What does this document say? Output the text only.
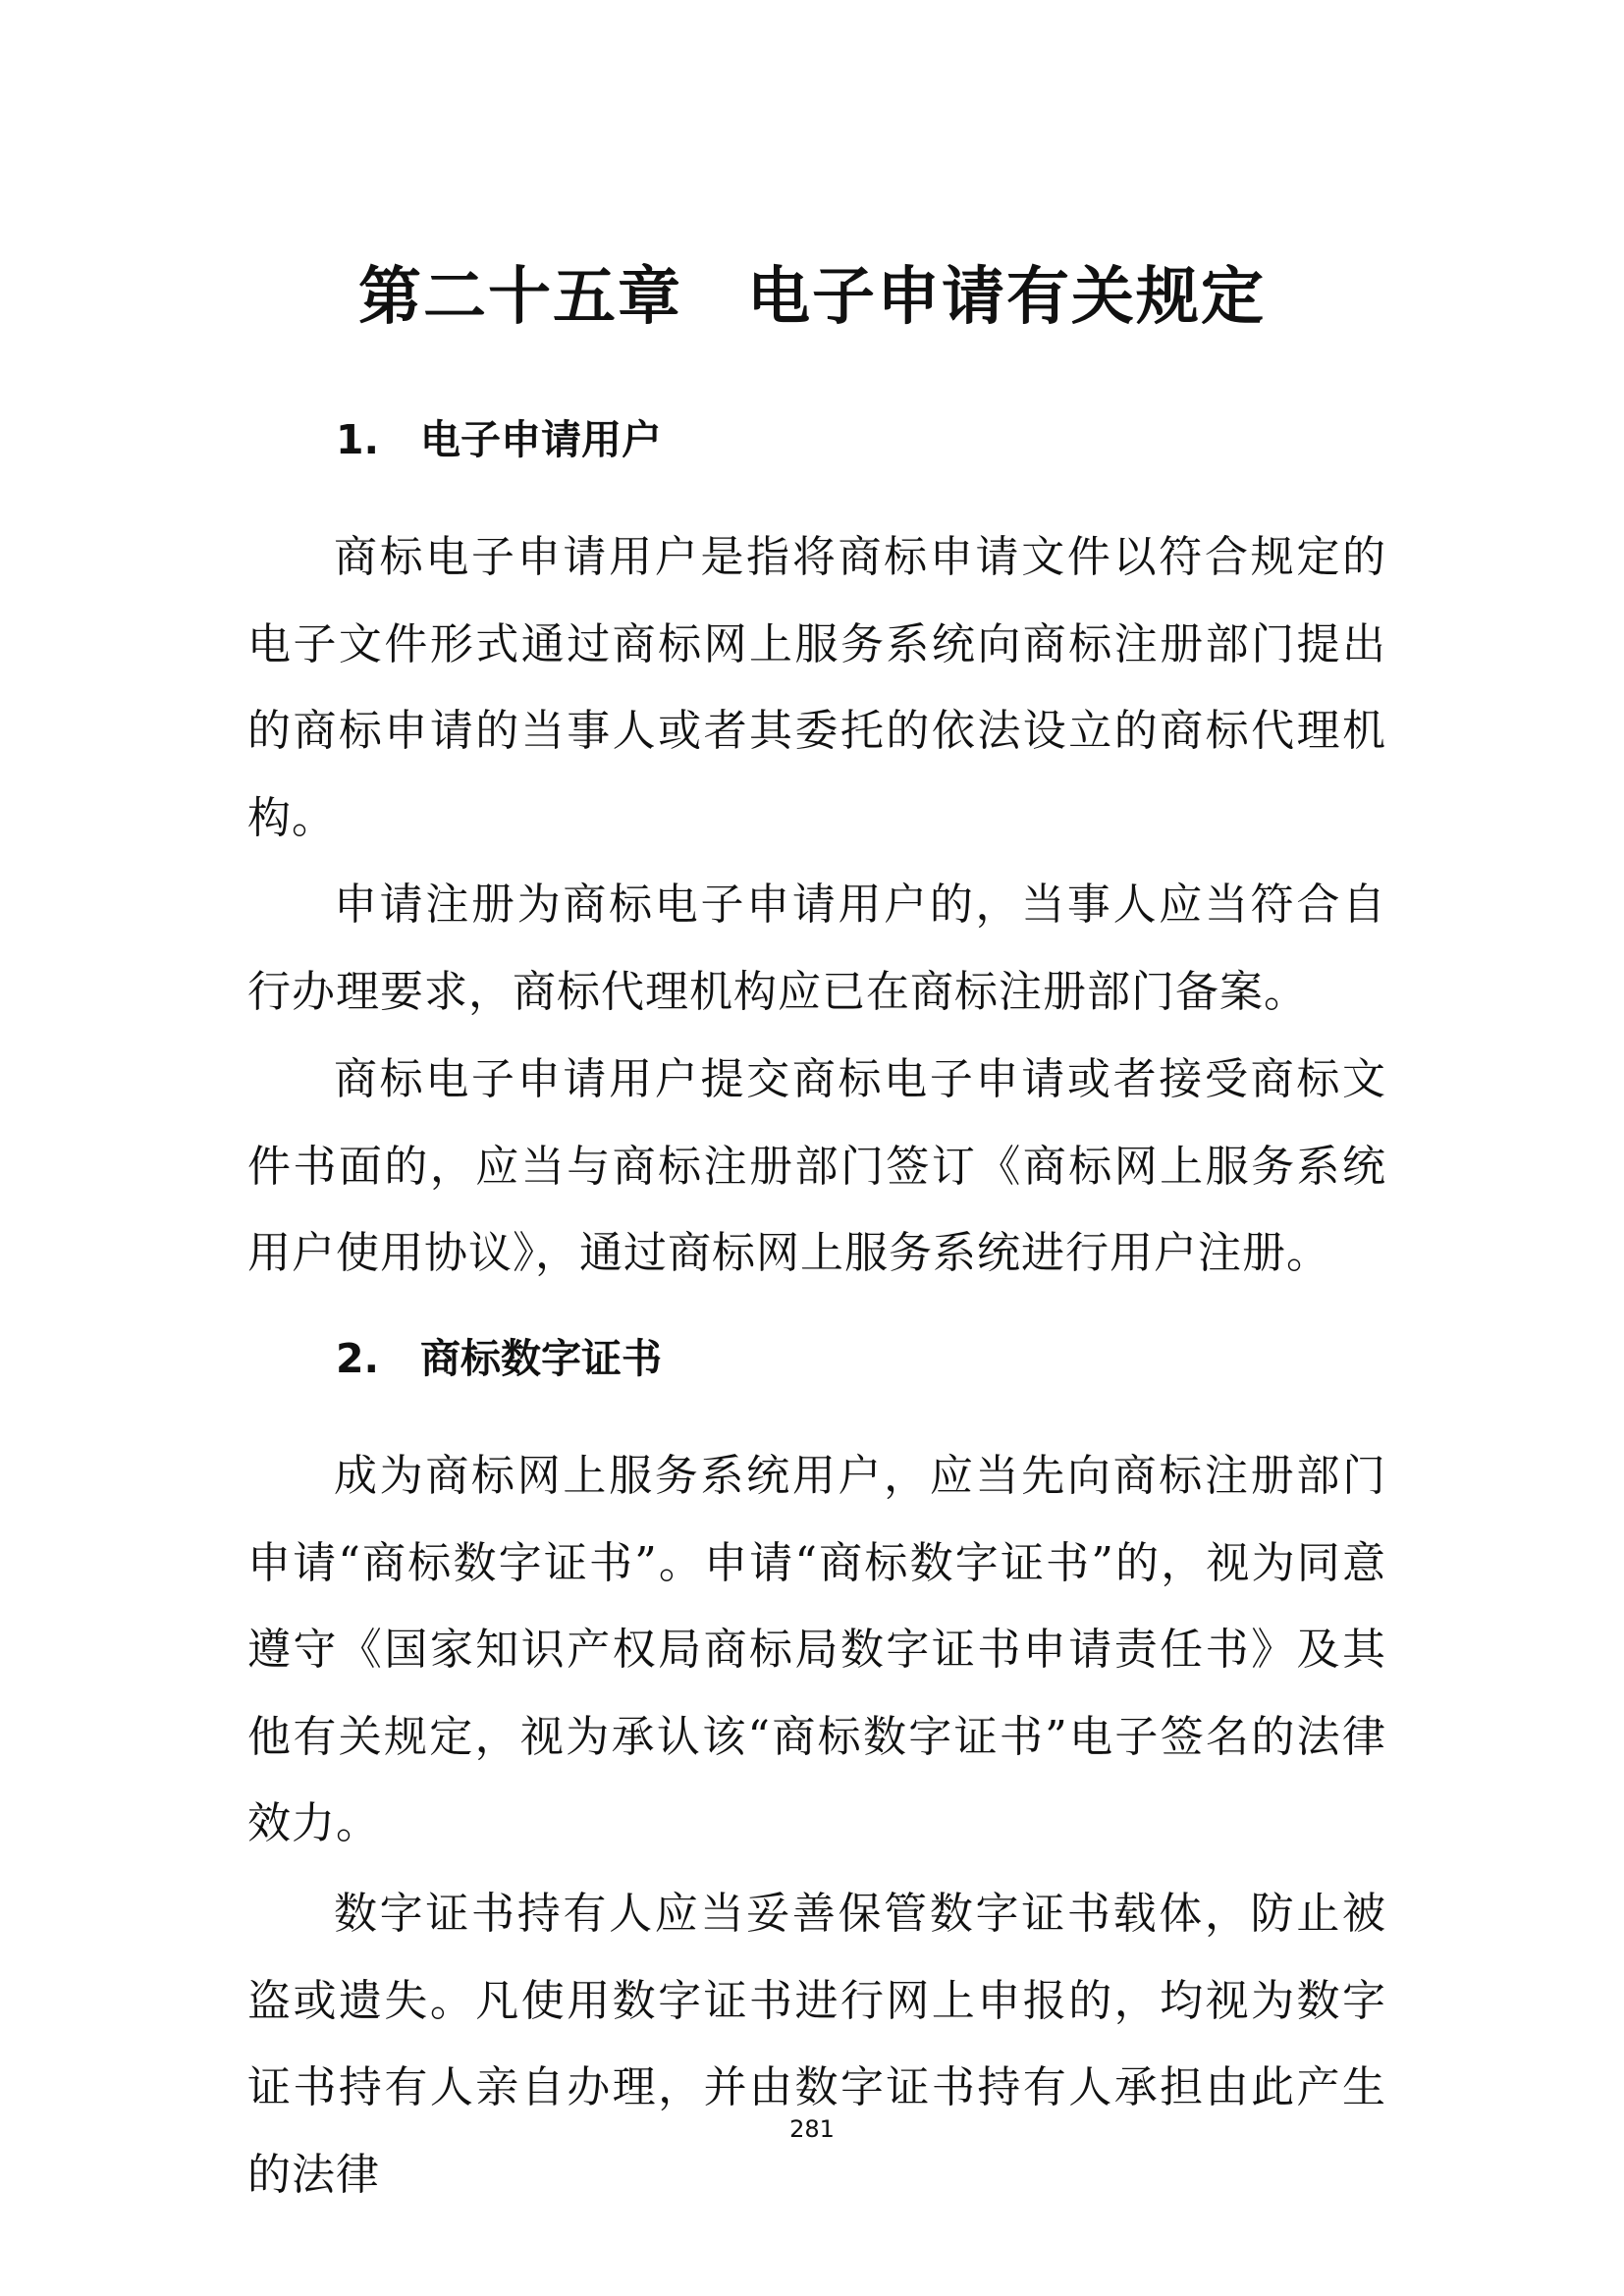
第二十五章　电子申请有关规定
1. 电子申请用户

商标电子申请用户是指将商标申请文件以符合规定的电子文件形式通过商标网上服务系统向商标注册部门提出的商标申请的当事人或者其委托的依法设立的商标代理机构。

申请注册为商标电子申请用户的，当事人应当符合自行办理要求，商标代理机构应已在商标注册部门备案。

商标电子申请用户提交商标电子申请或者接受商标文件书面的，应当与商标注册部门签订《商标网上服务系统用户使用协议》，通过商标网上服务系统进行用户注册。

2. 商标数字证书

成为商标网上服务系统用户，应当先向商标注册部门申请“商标数字证书”。申请“商标数字证书”的，视为同意遵守《国家知识产权局商标局数字证书申请责任书》及其他有关规定，视为承认该“商标数字证书”电子签名的法律效力。

数字证书持有人应当妥善保管数字证书载体，防止被盗或遗失。凡使用数字证书进行网上申报的，均视为数字证书持有人亲自办理，并由数字证书持有人承担由此产生的法律

281
